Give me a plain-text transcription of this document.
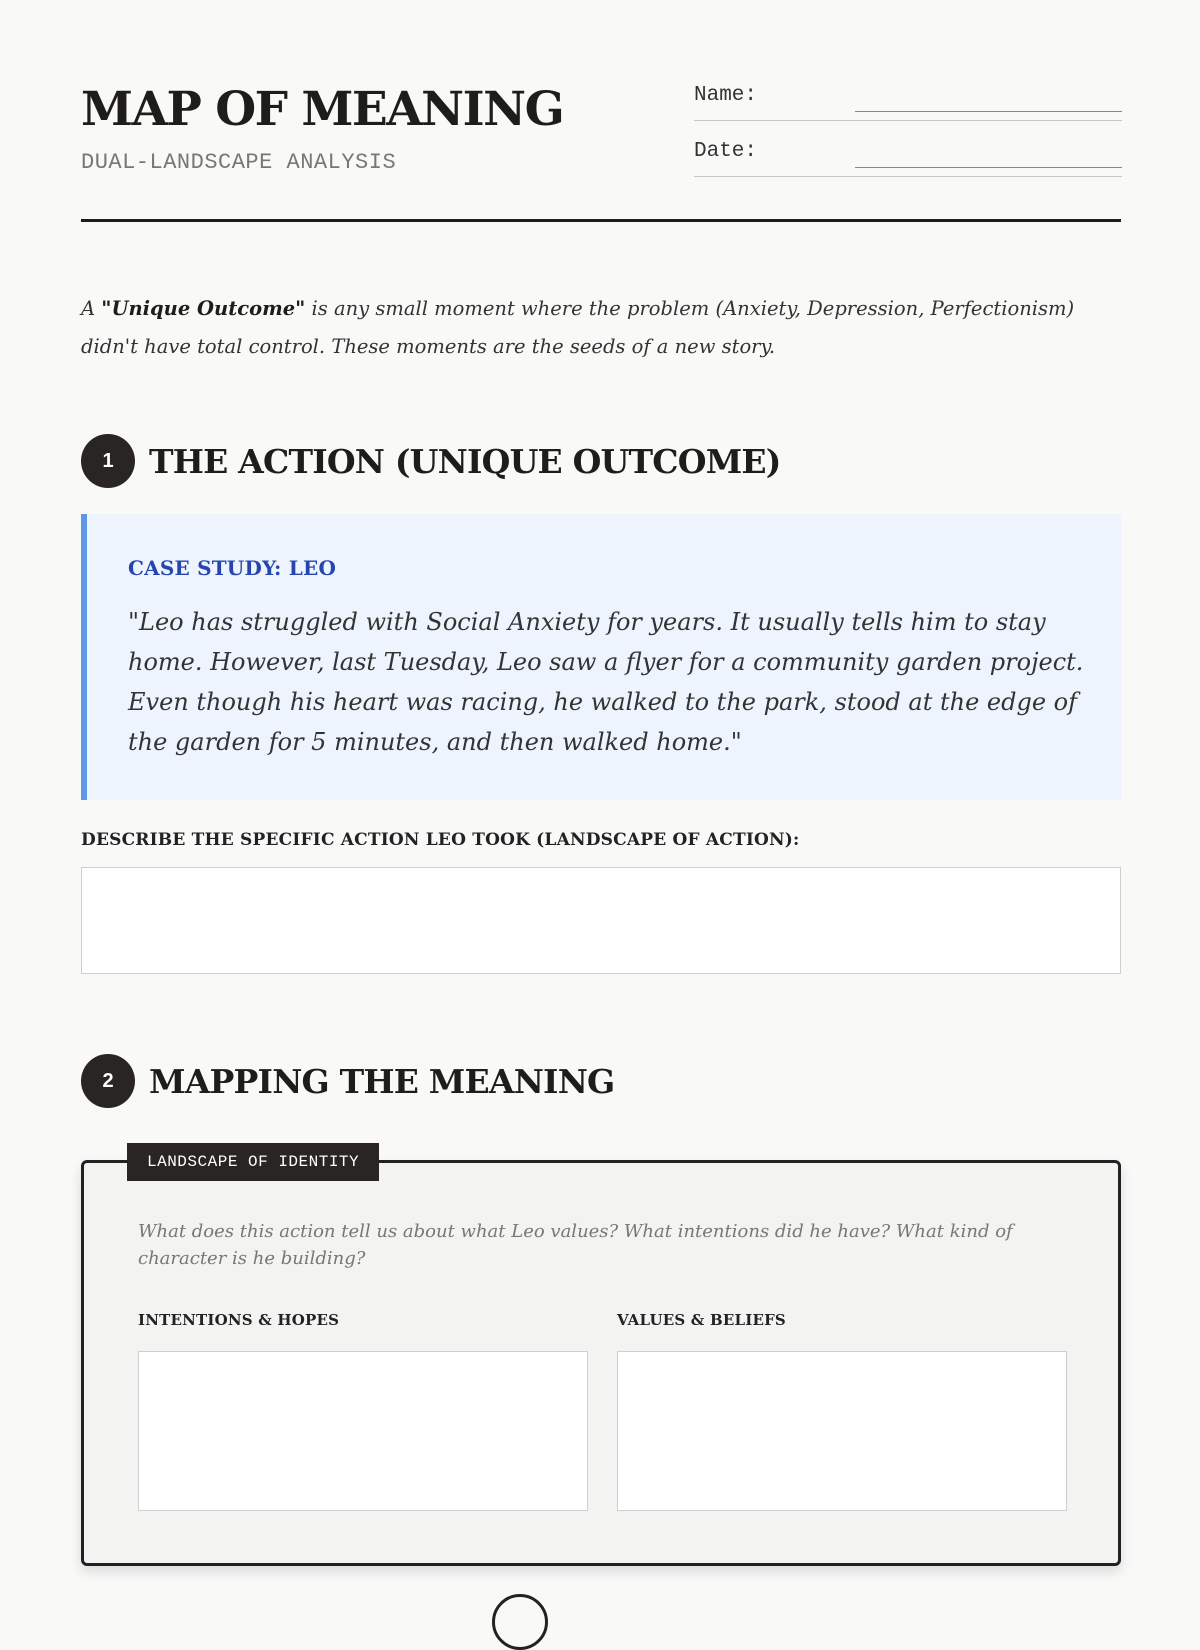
MAP OF MEANING
DUAL-LANDSCAPE ANALYSIS
Name:
Date:

A "Unique Outcome" is any small moment where the problem (Anxiety, Depression, Perfectionism) didn't have total control. These moments are the seeds of a new story.

1	THE ACTION (UNIQUE OUTCOME)
CASE STUDY: LEO

"Leo has struggled with Social Anxiety for years. It usually tells him to stay home. However, last Tuesday, Leo saw a flyer for a community garden project. Even though his heart was racing, he walked to the park, stood at the edge of the garden for 5 minutes, and then walked home."

DESCRIBE THE SPECIFIC ACTION LEO TOOK (LANDSCAPE OF ACTION):
2	MAPPING THE MEANING
LANDSCAPE OF IDENTITY

What does this action tell us about what Leo values? What intentions did he have? What kind of character is he building?

INTENTIONS & HOPES	VALUES & BELIEFS
